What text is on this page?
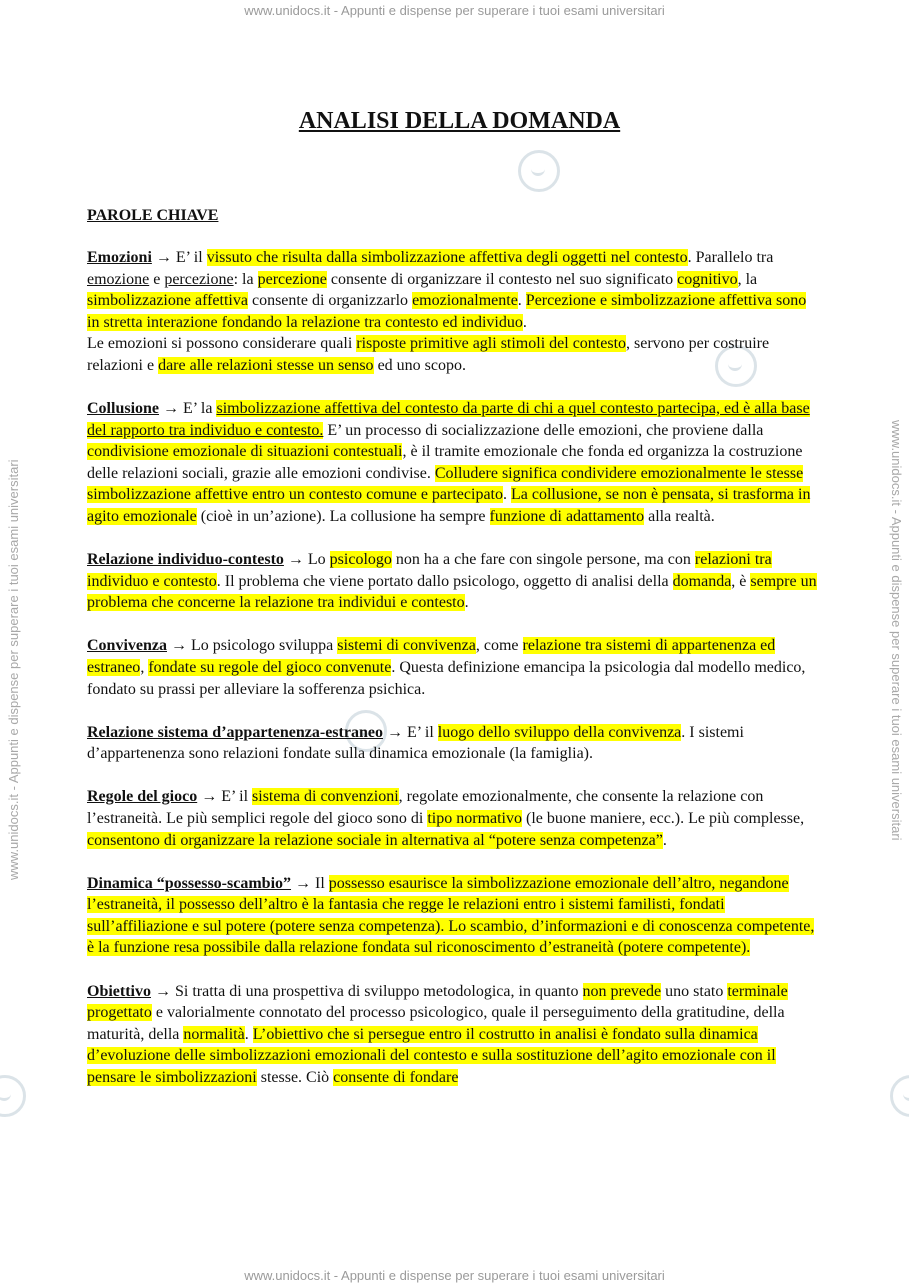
www.unidocs.it - Appunti e dispense per superare i tuoi esami universitari
www.unidocs.it - Appunti e dispense per superare i tuoi esami universitari
www.unidocs.it - Appunti e dispense per superare i tuoi esami universitari	www.unidocs.it - Appunti e dispense per superare i tuoi esami universitari
ANALISI DELLA DOMANDA
PAROLE CHIAVE

Emozioni → E’ il vissuto che risulta dalla simbolizzazione affettiva degli oggetti nel contesto. Parallelo tra emozione e percezione: la percezione consente di organizzare il contesto nel suo significato cognitivo, la simbolizzazione affettiva consente di organizzarlo emozionalmente. Percezione e simbolizzazione affettiva sono in stretta interazione fondando la relazione tra contesto ed individuo.

Le emozioni si possono considerare quali risposte primitive agli stimoli del contesto, servono per costruire relazioni e dare alle relazioni stesse un senso ed uno scopo.

Collusione → E’ la simbolizzazione affettiva del contesto da parte di chi a quel contesto partecipa, ed è alla base del rapporto tra individuo e contesto. E’ un processo di socializzazione delle emozioni, che proviene dalla condivisione emozionale di situazioni contestuali, è il tramite emozionale che fonda ed organizza la costruzione delle relazioni sociali, grazie alle emozioni condivise. Colludere significa condividere emozionalmente le stesse simbolizzazione affettive entro un contesto comune e partecipato. La collusione, se non è pensata, si trasforma in agito emozionale (cioè in un’azione). La collusione ha sempre funzione di adattamento alla realtà.

Relazione individuo-contesto → Lo psicologo non ha a che fare con singole persone, ma con relazioni tra individuo e contesto. Il problema che viene portato dallo psicologo, oggetto di analisi della domanda, è sempre un problema che concerne la relazione tra individui e contesto.

Convivenza → Lo psicologo sviluppa sistemi di convivenza, come relazione tra sistemi di appartenenza ed estraneo, fondate su regole del gioco convenute. Questa definizione emancipa la psicologia dal modello medico, fondato su prassi per alleviare la sofferenza psichica.

Relazione sistema d’appartenenza-estraneo → E’ il luogo dello sviluppo della convivenza. I sistemi d’appartenenza sono relazioni fondate sulla dinamica emozionale (la famiglia).

Regole del gioco → E’ il sistema di convenzioni, regolate emozionalmente, che consente la relazione con l’estraneità. Le più semplici regole del gioco sono di tipo normativo (le buone maniere, ecc.). Le più complesse, consentono di organizzare la relazione sociale in alternativa al “potere senza competenza”.

Dinamica “possesso-scambio” → Il possesso esaurisce la simbolizzazione emozionale dell’altro, negandone l’estraneità, il possesso dell’altro è la fantasia che regge le relazioni entro i sistemi familisti, fondati sull’affiliazione e sul potere (potere senza competenza). Lo scambio, d’informazioni e di conoscenza competente, è la funzione resa possibile dalla relazione fondata sul riconoscimento d’estraneità (potere competente).

Obiettivo → Si tratta di una prospettiva di sviluppo metodologica, in quanto non prevede uno stato terminale progettato e valorialmente connotato del processo psicologico, quale il perseguimento della gratitudine, della maturità, della normalità. L’obiettivo che si persegue entro il costrutto in analisi è fondato sulla dinamica d’evoluzione delle simbolizzazioni emozionali del contesto e sulla sostituzione dell’agito emozionale con il pensare le simbolizzazioni stesse. Ciò consente di fondare
